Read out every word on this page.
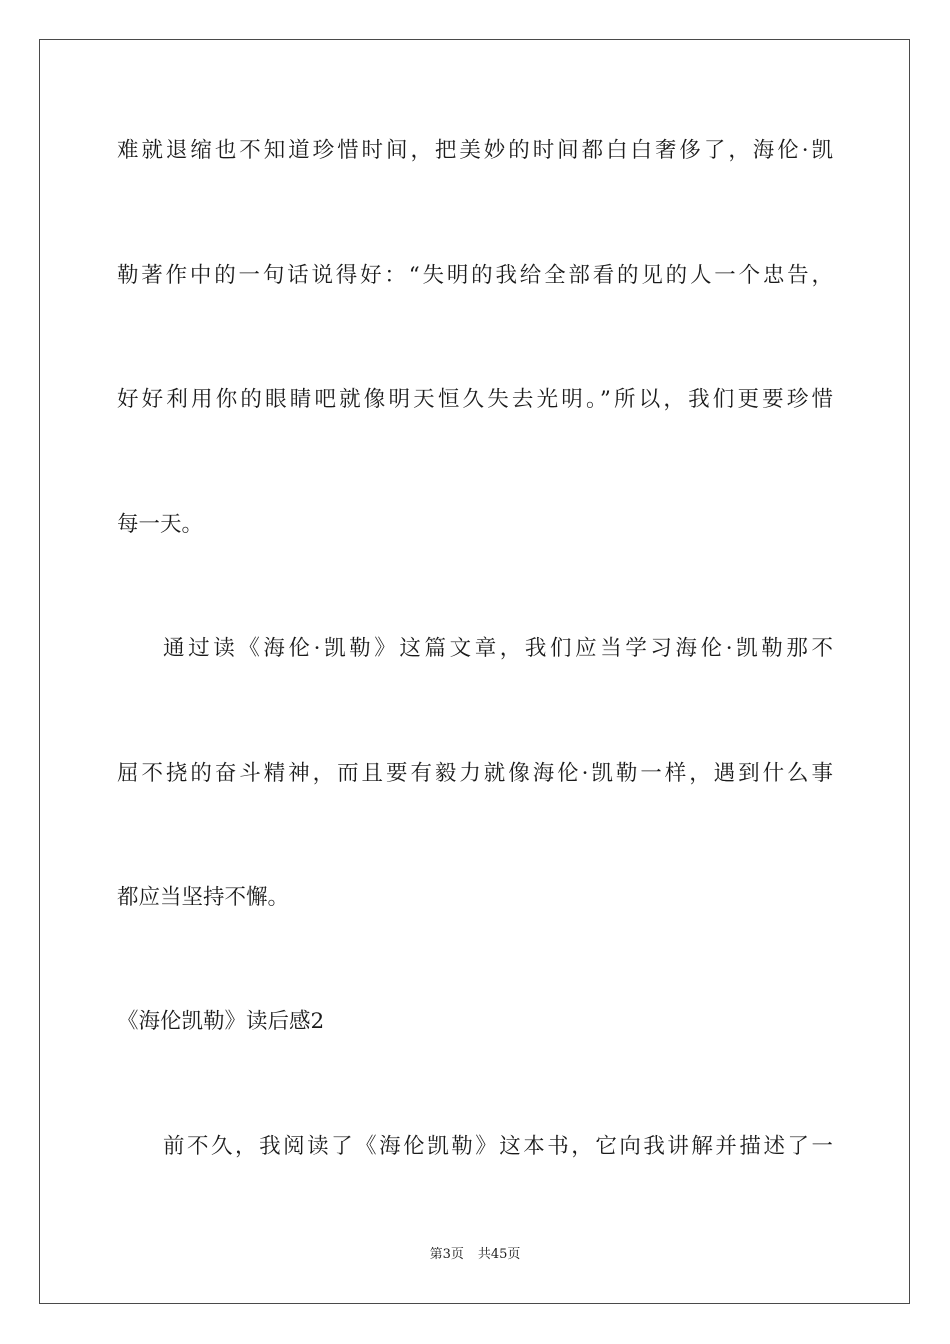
难就退缩也不知道珍惜时间，把美妙的时间都白白奢侈了，海伦·凯
勒著作中的一句话说得好：“失明的我给全部看的见的人一个忠告，
好好利用你的眼睛吧就像明天恒久失去光明。”所以，我们更要珍惜
每一天。
通过读《海伦·凯勒》这篇文章，我们应当学习海伦·凯勒那不
屈不挠的奋斗精神，而且要有毅力就像海伦·凯勒一样，遇到什么事
都应当坚持不懈。
《海伦凯勒》读后感2
前不久，我阅读了《海伦凯勒》这本书，它向我讲解并描述了一
第3页 共45页
